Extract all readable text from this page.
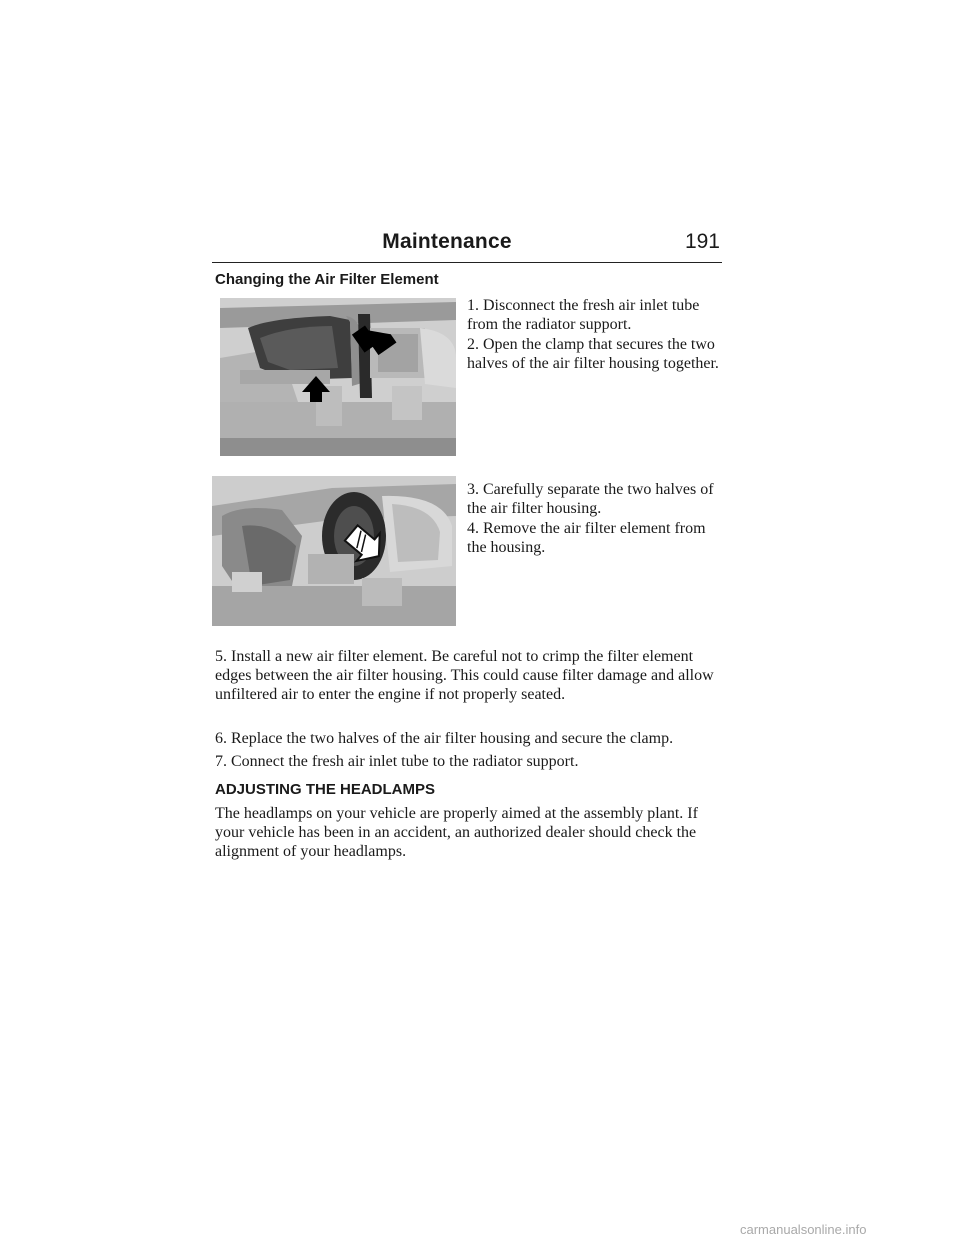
Maintenance	191
Changing the Air Filter Element

1. Disconnect the fresh air inlet tube from the radiator support.

2. Open the clamp that secures the two halves of the air filter housing together.

3. Carefully separate the two halves of the air filter housing.

4. Remove the air filter element from the housing.

5. Install a new air filter element. Be careful not to crimp the filter element edges between the air filter housing. This could cause filter damage and allow unfiltered air to enter the engine if not properly seated.

6. Replace the two halves of the air filter housing and secure the clamp.

7. Connect the fresh air inlet tube to the radiator support.

ADJUSTING THE HEADLAMPS

The headlamps on your vehicle are properly aimed at the assembly plant. If your vehicle has been in an accident, an authorized dealer should check the alignment of your headlamps.

carmanualsonline.info
